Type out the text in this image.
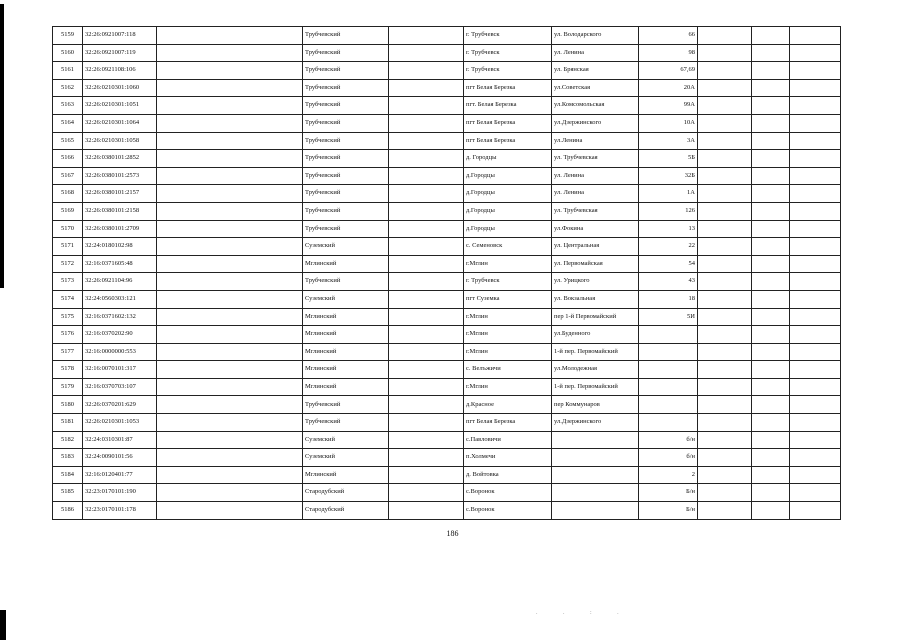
5159	32:26:0921007:118		Трубчевский		г. Трубчевск	ул. Володарского	66			
5160	32:26:0921007:119		Трубчевский		г. Трубчевск	ул. Ленина	98			
5161	32:26:0921108:106		Трубчевский		г. Трубчевск	ул. Брянская	67,69			
5162	32:26:0210301:1060		Трубчевский		пгт Белая Березка	ул.Советская	20А			
5163	32:26:0210301:1051		Трубчевский		пгт. Белая Березка	ул.Комсомольская	99А			
5164	32:26:0210301:1064		Трубчевский		пгт Белая Березка	ул.Дзержинского	10А			
5165	32:26:0210301:1058		Трубчевский		пгт Белая Березка	ул.Ленина	3А			
5166	32:26:0380101:2852		Трубчевский		д. Городцы	ул. Трубчевская	5Б			
5167	32:26:0380101:2573		Трубчевский		д.Городцы	ул. Ленина	32Б			
5168	32:26:0380101:2157		Трубчевский		д.Городцы	ул. Ленина	1А			
5169	32:26:0380101:2158		Трубчевский		д.Городцы	ул. Трубчевская	126			
5170	32:26:0380101:2709		Трубчевский		д.Городцы	ул.Фокина	13			
5171	32:24:0180102:98		Суземский		с. Семеновск	ул. Центральная	22			
5172	32:16:0371605:48		Мглинский		г.Мглин	ул. Первомайская	54			
5173	32:26:0921104:96		Трубчевский		г. Трубчевск	ул. Урицкого	43			
5174	32:24:0560303:121		Суземский		пгт Суземка	ул. Вокзальная	18			
5175	32:16:0371602:132		Мглинский		г.Мглин	пер 1-й Первомайский	5И			
5176	32:16:0370202:90		Мглинский		г.Мглин	ул.Буденного				
5177	32:16:0000000:553		Мглинский		г.Мглин	1-й пер. Первомайский				
5178	32:16:0070101:317		Мглинский		с. Велъжичи	ул.Молодежная				
5179	32:16:0370703:107		Мглинский		г.Мглин	1-й пер. Первомайский				
5180	32:26:0370201:629		Трубчевский		д.Красное	пер Коммунаров				
5181	32:26:0210301:1053		Трубчевский		пгт Белая Березка	ул.Дзержинского				
5182	32:24:0310301:87		Суземский		с.Павловичи		б/н			
5183	32:24:0090101:56		Суземский		п.Холмечи		б/н			
5184	32:16:0120401:77		Мглинский		д. Войтовка		2			
5185	32:23:0170101:190		Стародубский		с.Воронок		Б/н			
5186	32:23:0170101:178		Стародубский		с.Воронок		Б/н			
186
. . : .
